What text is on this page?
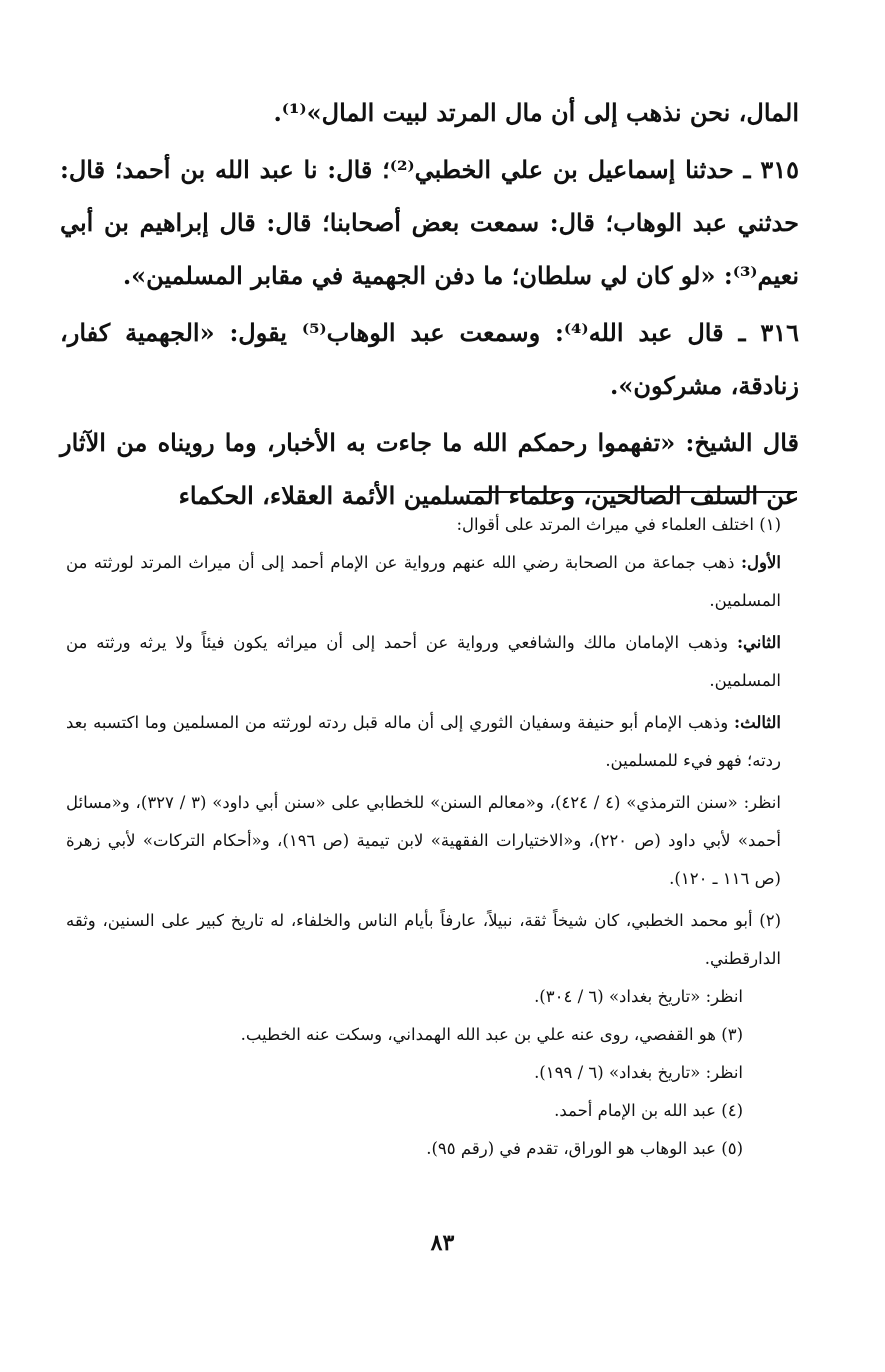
المال، نحن نذهب إلى أن مال المرتد لبيت المال»⁽¹⁾.

٣١٥ ـ حدثنا إسماعيل بن علي الخطبي⁽²⁾؛ قال: نا عبد الله بن أحمد؛ قال: حدثني عبد الوهاب؛ قال: سمعت بعض أصحابنا؛ قال: قال إبراهيم بن أبي نعيم⁽³⁾: «لو كان لي سلطان؛ ما دفن الجهمية في مقابر المسلمين».

٣١٦ ـ قال عبد الله⁽⁴⁾: وسمعت عبد الوهاب⁽⁵⁾ يقول: «الجهمية كفار، زنادقة، مشركون».

قال الشيخ: «تفهموا رحمكم الله ما جاءت به الأخبار، وما رويناه من الآثار عن السلف الصالحين، وعلماء المسلمين الأئمة العقلاء، الحكماء

(١) اختلف العلماء في ميراث المرتد على أقوال:

الأول: ذهب جماعة من الصحابة رضي الله عنهم ورواية عن الإمام أحمد إلى أن ميراث المرتد لورثته من المسلمين.

الثاني: وذهب الإمامان مالك والشافعي ورواية عن أحمد إلى أن ميراثه يكون فيئاً ولا يرثه ورثته من المسلمين.

الثالث: وذهب الإمام أبو حنيفة وسفيان الثوري إلى أن ماله قبل ردته لورثته من المسلمين وما اكتسبه بعد ردته؛ فهو فيء للمسلمين.

انظر: «سنن الترمذي» (٤ / ٤٢٤)، و«معالم السنن» للخطابي على «سنن أبي داود» (٣ / ٣٢٧)، و«مسائل أحمد» لأبي داود (ص ٢٢٠)، و«الاختيارات الفقهية» لابن تيمية (ص ١٩٦)، و«أحكام التركات» لأبي زهرة (ص ١١٦ ـ ١٢٠).

(٢) أبو محمد الخطبي، كان شيخاً ثقة، نبيلاً، عارفاً بأيام الناس والخلفاء، له تاريخ كبير على السنين، وثقه الدارقطني.

انظر: «تاريخ بغداد» (٦ / ٣٠٤).

(٣) هو القفصي، روى عنه علي بن عبد الله الهمداني، وسكت عنه الخطيب.

انظر: «تاريخ بغداد» (٦ / ١٩٩).

(٤) عبد الله بن الإمام أحمد.

(٥) عبد الوهاب هو الوراق، تقدم في (رقم ٩٥).

٨٣
